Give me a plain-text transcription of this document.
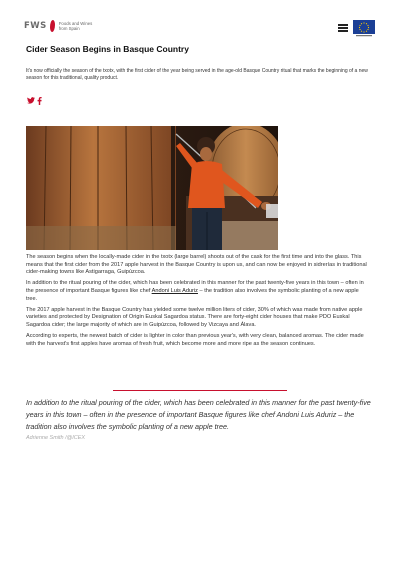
FWS	Foods and Wines
from Spain
Cider Season Begins in Basque Country

It's now officially the season of the txotx, with the first cider of the year being served in the age-old Basque Country ritual that marks the beginning of a new season for this traditional, quality product.

The season begins when the locally-made cider in the txotx (large barrel) shoots out of the cask for the first time and into the glass. This means that the first cider from the 2017 apple harvest in the Basque Country is upon us, and can now be enjoyed in sidrerías in traditional cider-making towns like Astigarraga, Guipúzcoa.

In addition to the ritual pouring of the cider, which has been celebrated in this manner for the past twenty-five years in this town – often in the presence of important Basque figures like chef Andoni Luis Aduriz – the tradition also involves the symbolic planting of a new apple tree.

The 2017 apple harvest in the Basque Country has yielded some twelve million liters of cider, 30% of which was made from native apple varieties and protected by Designation of Origin Euskal Sagardoa status. There are forty-eight cider houses that make PDO Euskal Sagardoa cider; the large majority of which are in Guipúzcoa, followed by Vizcaya and Álava.

According to experts, the newest batch of cider is lighter in color than previous year's, with very clean, balanced aromas. The cider made with the harvest's first apples have aromas of fresh fruit, which become more and more ripe as the season continues.

In addition to the ritual pouring of the cider, which has been celebrated in this manner for the past twenty-five years in this town – often in the presence of important Basque figures like chef Andoni Luis Aduriz – the tradition also involves the symbolic planting of a new apple tree.

Adrienne Smith /@ICEX
